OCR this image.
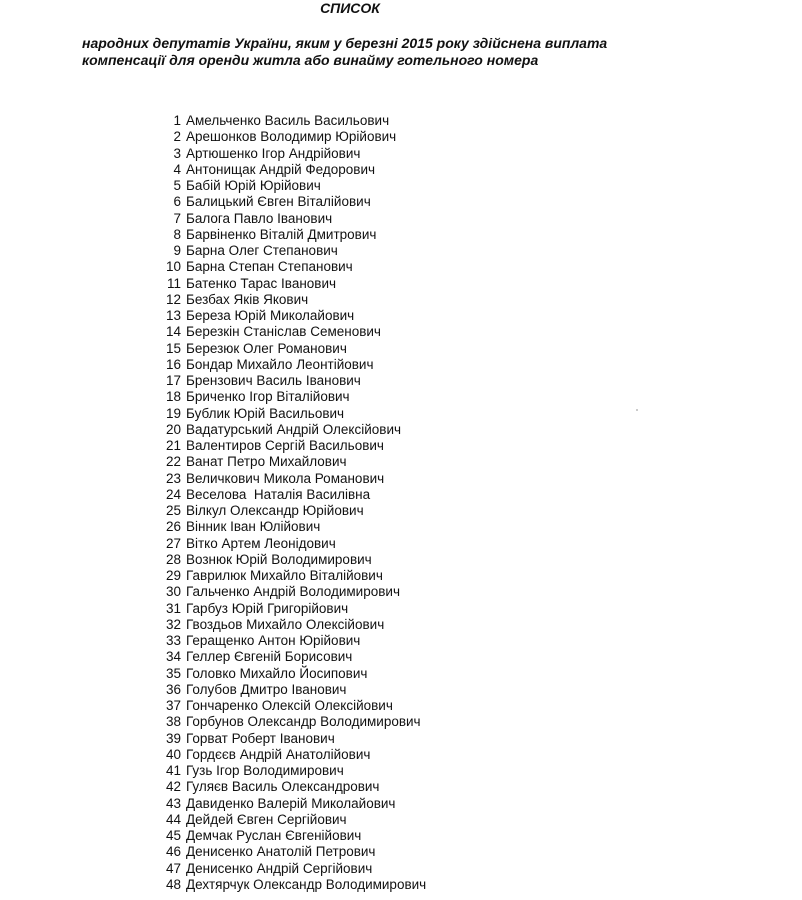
СПИСОК
народних депутатів України, яким у березні 2015 року здійснена виплата
компенсації для оренди житла або винайму готельного номера
1 Амельченко Василь Васильович
2 Арешонков Володимир Юрійович
3 Артюшенко Ігор Андрійович
4 Антонищак Андрій Федорович
5 Бабій Юрій Юрійович
6 Балицький Євген Віталійович
7 Балога Павло Іванович
8 Барвіненко Віталій Дмитрович
9 Барна Олег Степанович
10 Барна Степан Степанович
11 Батенко Тарас Іванович
12 Безбах Яків Якович
13 Береза Юрій Миколайович
14 Березкін Станіслав Семенович
15 Березюк Олег Романович
16 Бондар Михайло Леонтійович
17 Брензович Василь Іванович
18 Бриченко Ігор Віталійович
19 Бублик Юрій Васильович
20 Вадатурський Андрій Олексійович
21 Валентиров Сергій Васильович
22 Ванат Петро Михайлович
23 Величкович Микола Романович
24 Веселова  Наталія Василівна
25 Вілкул Олександр Юрійович
26 Вінник Іван Юлійович
27 Вітко Артем Леонідович
28 Вознюк Юрій Володимирович
29 Гаврилюк Михайло Віталійович
30 Гальченко Андрій Володимирович
31 Гарбуз Юрій Григорійович
32 Гвоздьов Михайло Олексійович
33 Геращенко Антон Юрійович
34 Геллер Євгеній Борисович
35 Головко Михайло Йосипович
36 Голубов Дмитро Іванович
37 Гончаренко Олексій Олексійович
38 Горбунов Олександр Володимирович
39 Горват Роберт Іванович
40 Гордєєв Андрій Анатолійович
41 Гузь Ігор Володимирович
42 Гуляєв Василь Олександрович
43 Давиденко Валерій Миколайович
44 Дейдей Євген Сергійович
45 Демчак Руслан Євгенійович
46 Денисенко Анатолій Петрович
47 Денисенко Андрій Сергійович
48 Дехтярчук Олександр Володимирович
